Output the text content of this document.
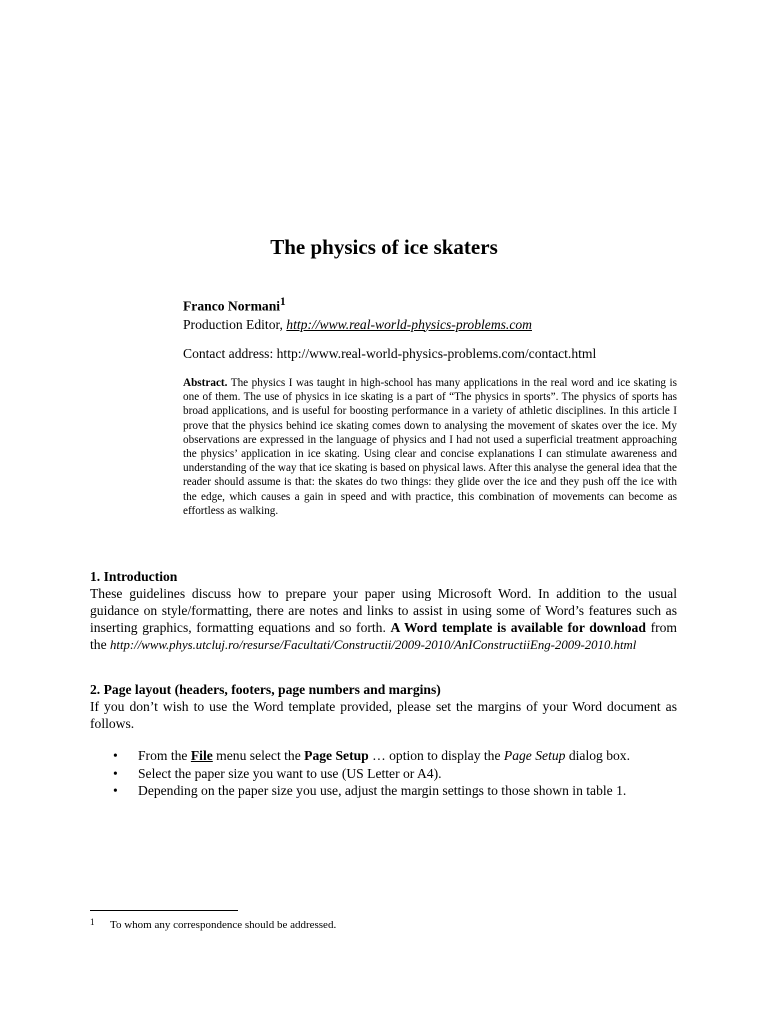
The physics of ice skaters
Franco Normani$^1$
Production Editor, http://www.real-world-physics-problems.com
Contact address: http://www.real-world-physics-problems.com/contact.html
Abstract. The physics I was taught in high-school has many applications in the real word and ice skating is one of them. The use of physics in ice skating is a part of “The physics in sports”. The physics of sports has broad applications, and is useful for boosting performance in a variety of athletic disciplines. In this article I prove that the physics behind ice skating comes down to analysing the movement of skates over the ice. My observations are expressed in the language of physics and I had not used a superficial treatment approaching the physics’ application in ice skating. Using clear and concise explanations I can stimulate awareness and understanding of the way that ice skating is based on physical laws. After this analyse the general idea that the reader should assume is that: the skates do two things: they glide over the ice and they push off the ice with the edge, which causes a gain in speed and with practice, this combination of movements can become as effortless as walking.
1. Introduction
These guidelines discuss how to prepare your paper using Microsoft Word. In addition to the usual guidance on style/formatting, there are notes and links to assist in using some of Word’s features such as inserting graphics, formatting equations and so forth. A Word template is available for download from the http://www.phys.utcluj.ro/resurse/Facultati/Constructii/2009-2010/AnIConstructiiEng-2009-2010.html
2. Page layout (headers, footers, page numbers and margins)
If you don’t wish to use the Word template provided, please set the margins of your Word document as follows.
• From the File menu select the Page Setup … option to display the Page Setup dialog box.
• Select the paper size you want to use (US Letter or A4).
• Depending on the paper size you use, adjust the margin settings to those shown in table 1.
1 To whom any correspondence should be addressed.
